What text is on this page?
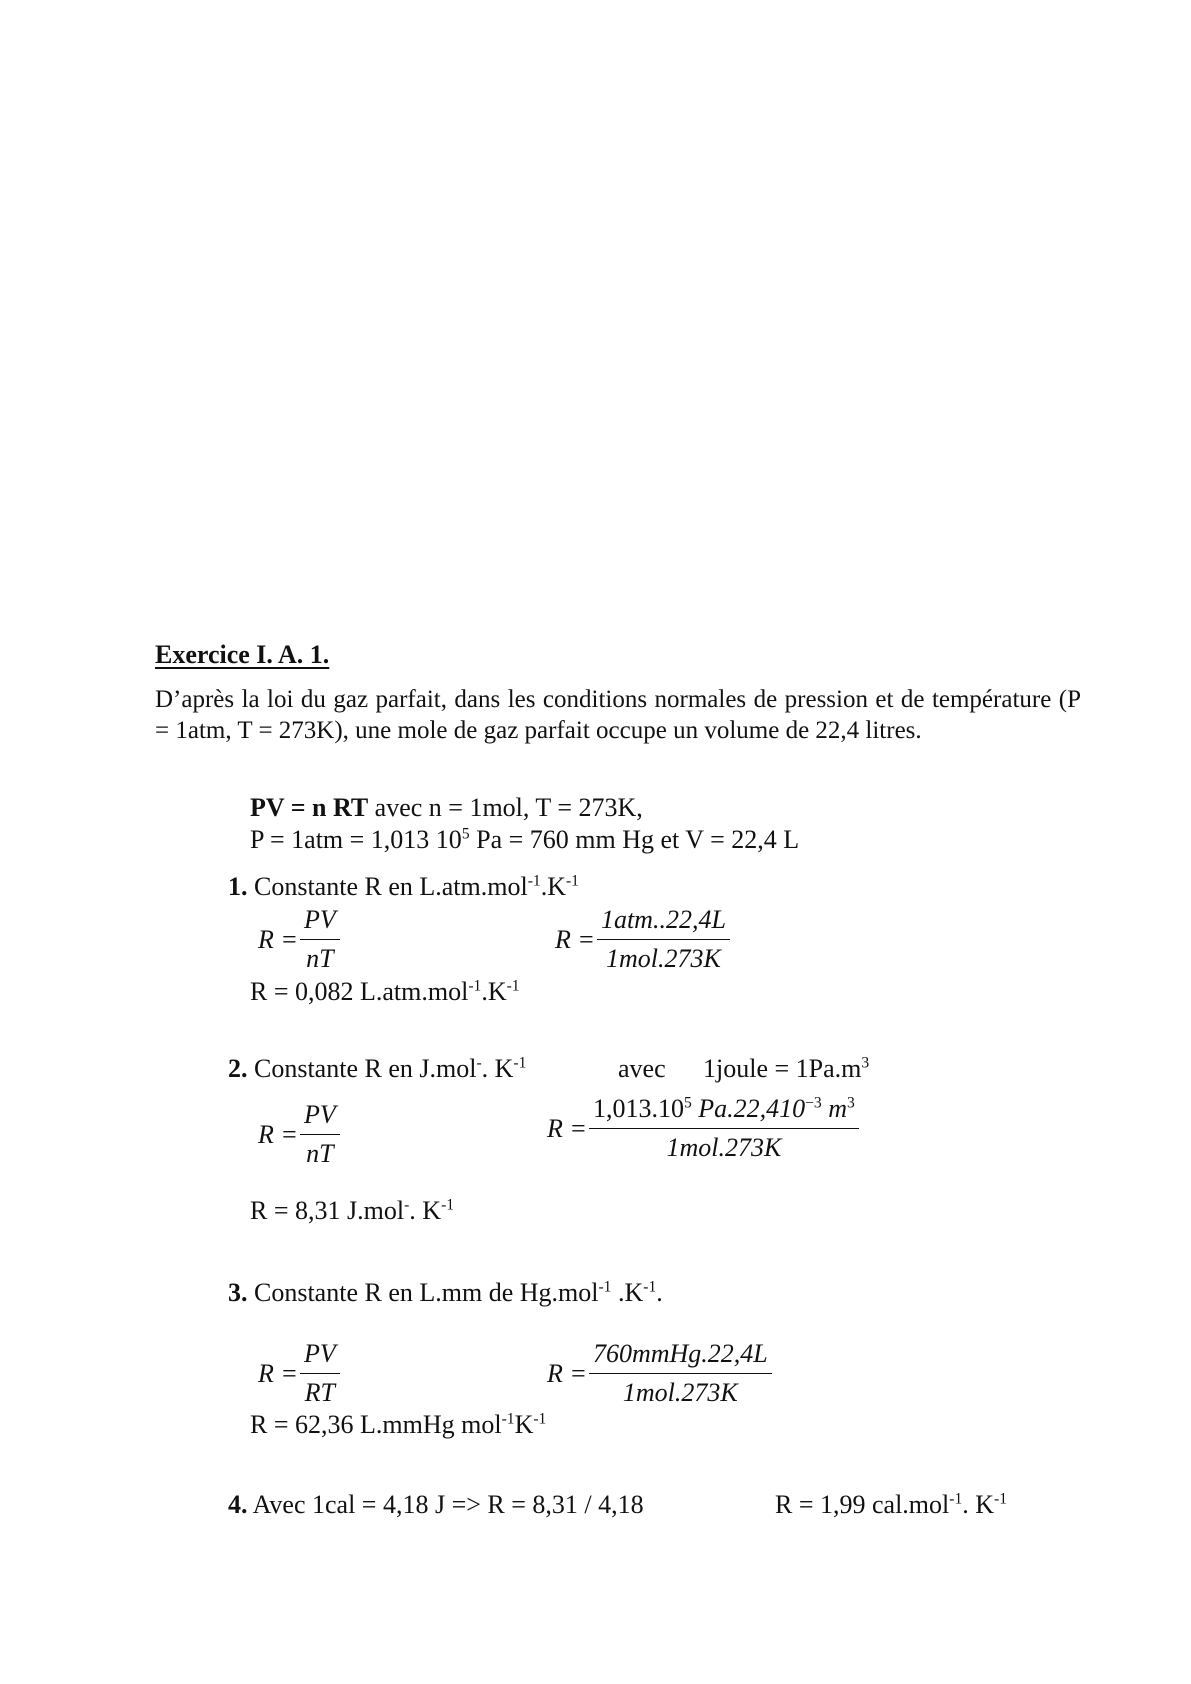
Exercice I. A. 1.
D’après la loi du gaz parfait, dans les conditions normales de pression et de température (P = 1atm, T = 273K), une mole de gaz parfait occupe un volume de 22,4 litres.
PV = n RT avec n = 1mol, T = 273K,
P = 1atm = 1,013 $10^5$ Pa = 760 mm Hg et V = 22,4 L
1. Constante R en $L.atm.mol^{-1}.K^{-1}$
$R = \frac{PV}{nT}$	$R = \frac{\text{1atm..22,4L}}{\text{1mol.273K}}$
R = 0,082 $L.atm.mol^{-1}.K^{-1}$
2. Constante R en J.mol-. $K^{-1}$	avec 1joule = $1Pa.m^3$
$R = \frac{PV}{nT}$	$R = \frac{1,013.10^5 Pa.22,410^{-3} m^3}{\text{1mol.273K}}$
R = 8,31 J.mol-. $K^{-1}$
3. Constante R en L.mm de Hg.mol$^{-1}$ $.K^{-1}$.
$R = \frac{PV}{RT}$	$R = \frac{\text{760mmHg.22,4L}}{\text{1mol.273K}}$
R = 62,36 L.mmHg $mol^{-1}K^{-1}$
4. Avec 1cal = 4,18 J => R = 8,31 / 4,18	R = 1,99 cal.mol$^{-1}$. $K^{-1}$
